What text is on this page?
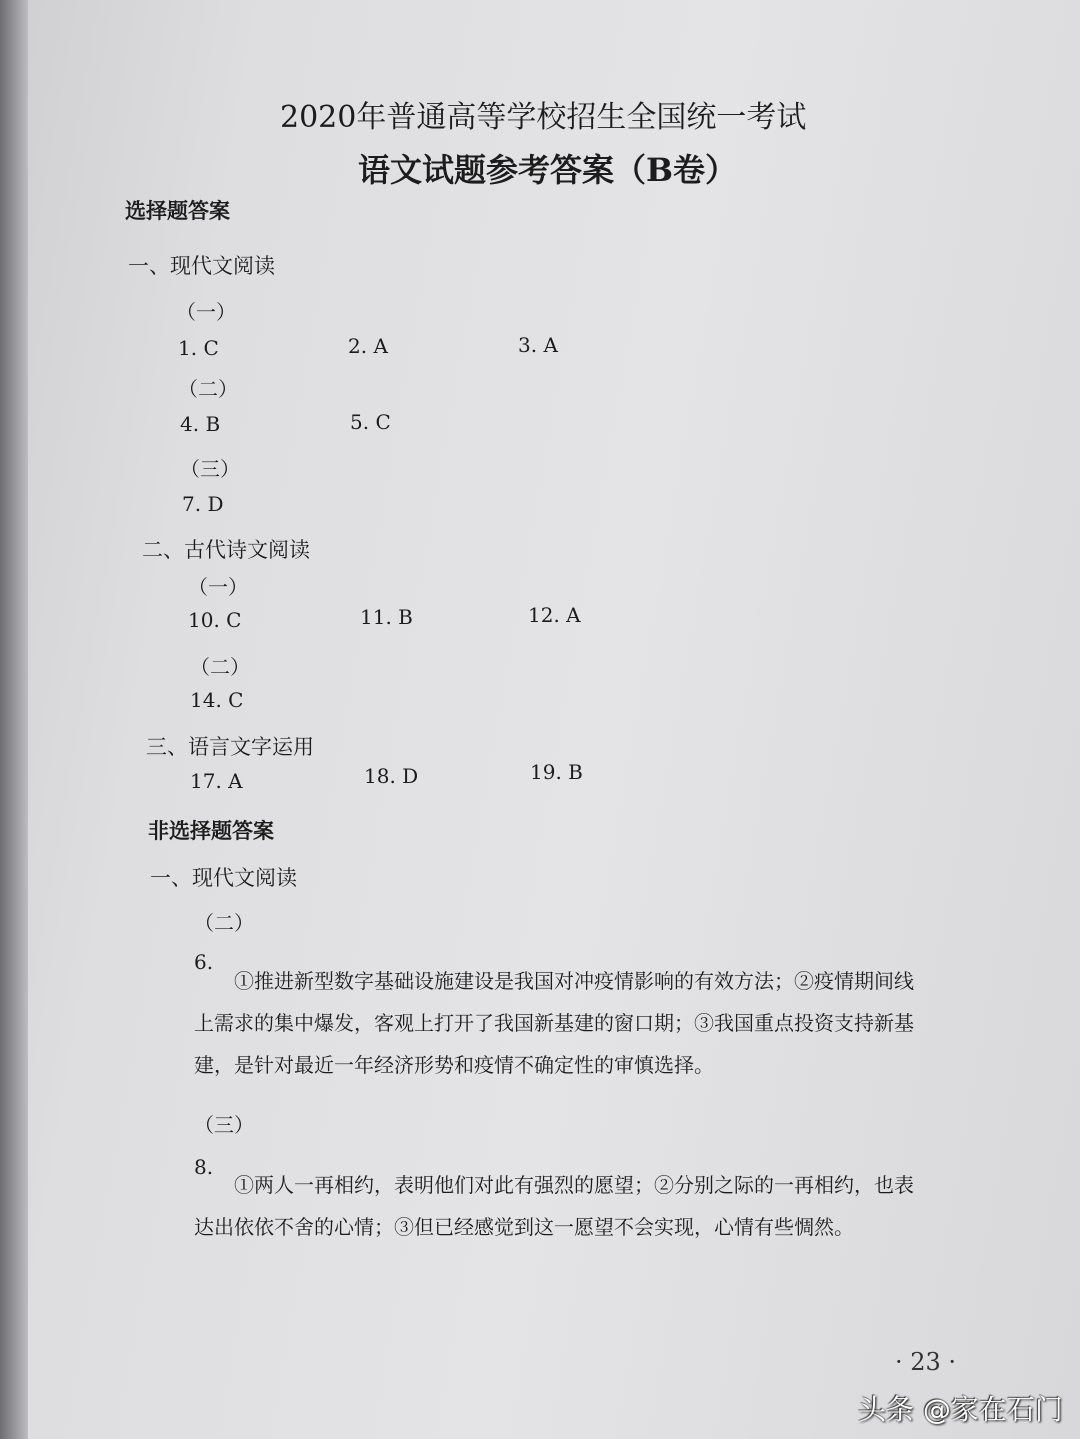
2020年普通高等学校招生全国统一考试
语文试题参考答案（B卷）
选择题答案
一、现代文阅读
（一）
1. C	2. A	3. A
（二）
4. B	5. C
（三）
7. D
二、古代诗文阅读
（一）
10. C	11. B	12. A
（二）
14. C
三、语言文字运用
17. A	18. D	19. B
非选择题答案
一、现代文阅读
（二）
6.
①推进新型数字基础设施建设是我国对冲疫情影响的有效方法；②疫情期间线
上需求的集中爆发，客观上打开了我国新基建的窗口期；③我国重点投资支持新基
建，是针对最近一年经济形势和疫情不确定性的审慎选择。
（三）
8.
①两人一再相约，表明他们对此有强烈的愿望；②分别之际的一再相约，也表
达出依依不舍的心情；③但已经感觉到这一愿望不会实现，心情有些惆然。
· 23 ·
头条 @家在石门
